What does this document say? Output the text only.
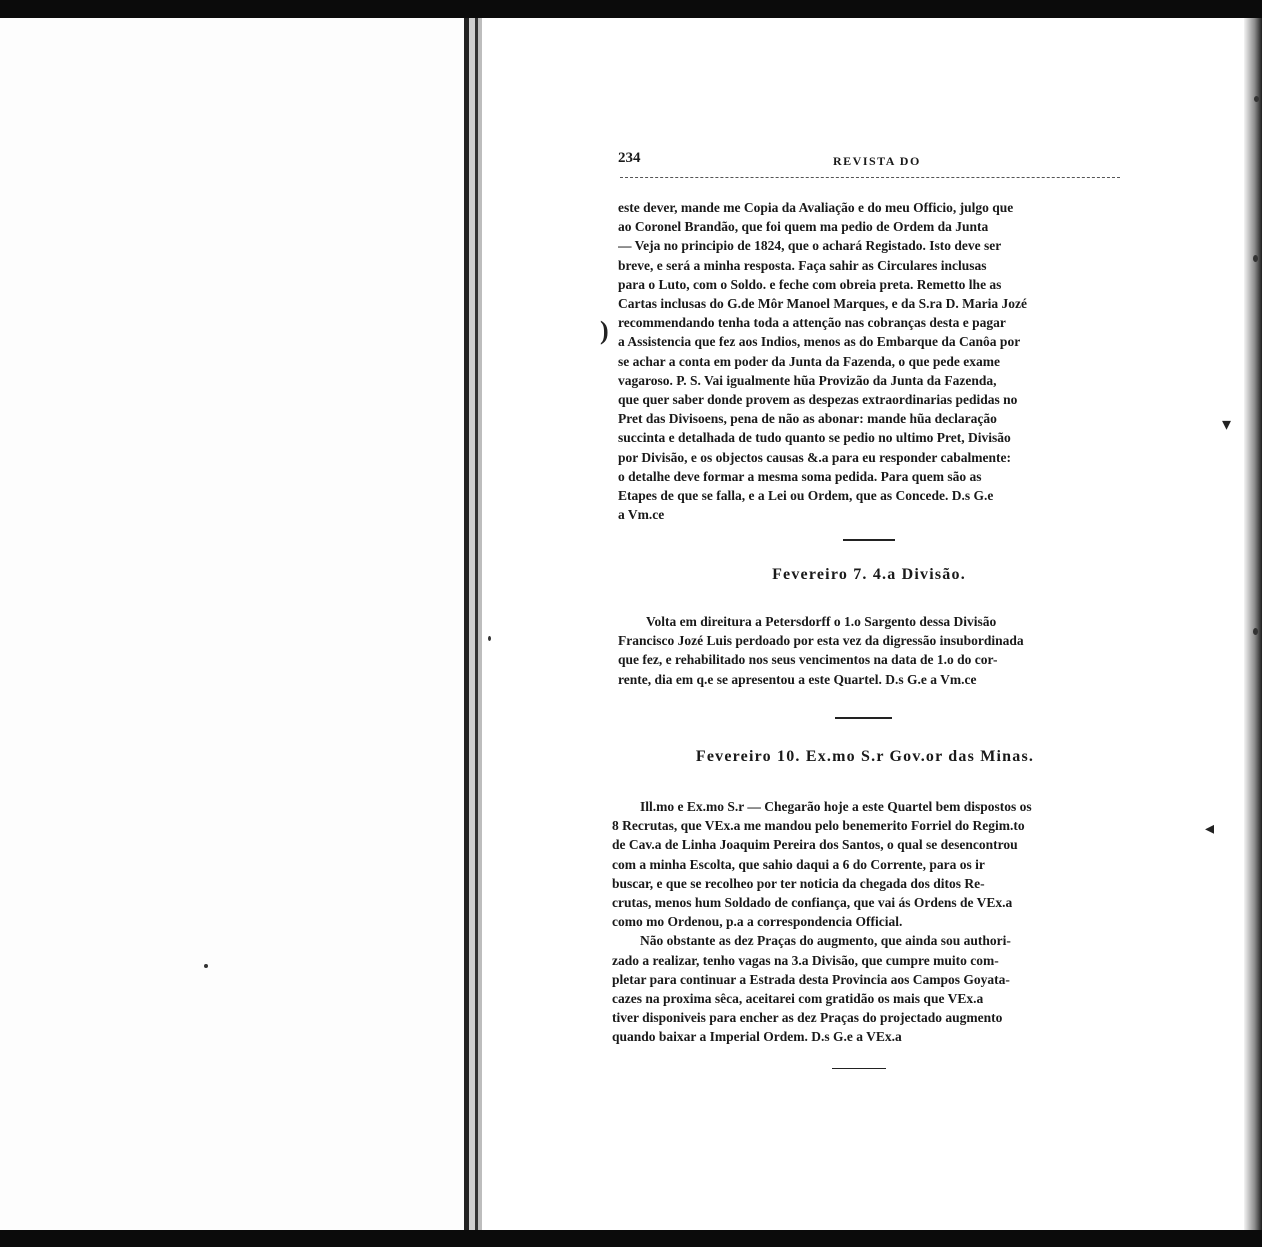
▾
◂
234	REVISTA DO
)
este dever, mande me Copia da Avaliação e do meu Officio, julgo que
ao Coronel Brandão, que foi quem ma pedio de Ordem da Junta
— Veja no principio de 1824, que o achará Registado. Isto deve ser
breve, e será a minha resposta. Faça sahir as Circulares inclusas
para o Luto, com o Soldo. e feche com obreia preta. Remetto lhe as
Cartas inclusas do G.de Môr Manoel Marques, e da S.ra D. Maria Jozé
recommendando tenha toda a attenção nas cobranças desta e pagar
a Assistencia que fez aos Indios, menos as do Embarque da Canôa por
se achar a conta em poder da Junta da Fazenda, o que pede exame
vagaroso. P. S. Vai igualmente hũa Provizão da Junta da Fazenda,
que quer saber donde provem as despezas extraordinarias pedidas no
Pret das Divisoens, pena de não as abonar: mande hũa declaração
succinta e detalhada de tudo quanto se pedio no ultimo Pret, Divisão
por Divisão, e os objectos causas &.a para eu responder cabalmente:
o detalhe deve formar a mesma soma pedida. Para quem são as
Etapes de que se falla, e a Lei ou Ordem, que as Concede. D.s G.e
a Vm.ce
Fevereiro 7. 4.a Divisão.
Volta em direitura a Petersdorff o 1.o Sargento dessa Divisão
Francisco Jozé Luis perdoado por esta vez da digressão insubordinada
que fez, e rehabilitado nos seus vencimentos na data de 1.o do cor-
rente, dia em q.e se apresentou a este Quartel. D.s G.e a Vm.ce
Fevereiro 10. Ex.mo S.r Gov.or das Minas.
Ill.mo e Ex.mo S.r — Chegarão hoje a este Quartel bem dispostos os
8 Recrutas, que VEx.a me mandou pelo benemerito Forriel do Regim.to
de Cav.a de Linha Joaquim Pereira dos Santos, o qual se desencontrou
com a minha Escolta, que sahio daqui a 6 do Corrente, para os ir
buscar, e que se recolheo por ter noticia da chegada dos ditos Re-
crutas, menos hum Soldado de confiança, que vai ás Ordens de VEx.a
como mo Ordenou, p.a a correspondencia Official.
Não obstante as dez Praças do augmento, que ainda sou authori-
zado a realizar, tenho vagas na 3.a Divisão, que cumpre muito com-
pletar para continuar a Estrada desta Provincia aos Campos Goyata-
cazes na proxima sêca, aceitarei com gratidão os mais que VEx.a
tiver disponiveis para encher as dez Praças do projectado augmento
quando baixar a Imperial Ordem. D.s G.e a VEx.a
